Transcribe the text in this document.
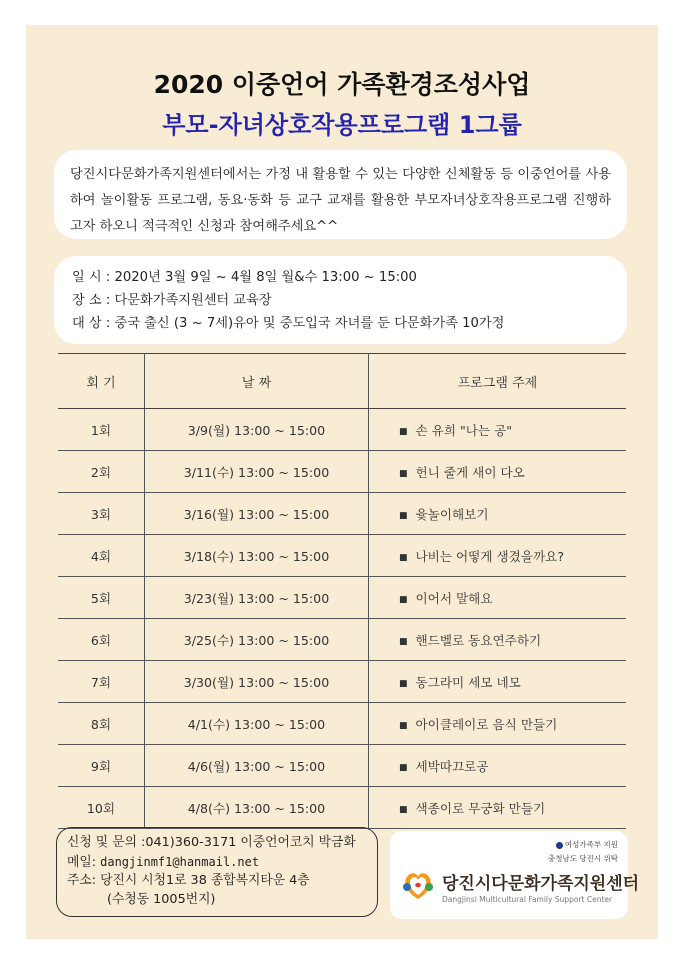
2020 이중언어 가족환경조성사업
부모-자녀상호작용프로그램 1그룹
당진시다문화가족지원센터에서는 가정 내 활용할 수 있는 다양한 신체활동 등 이중언어를 사용하여 놀이활동 프로그램, 동요·동화 등 교구 교재를 활용한 부모자녀상호작용프로그램 진행하고자 하오니 적극적인 신청과 참여해주세요^^
일 시 : 2020년 3월 9일 ~ 4월 8일 월&수 13:00 ~ 15:00
장 소 : 다문화가족지원센터 교육장
대 상 : 중국 출신 (3 ~ 7세)유아 및 중도입국 자녀를 둔 다문화가족 10가정
회 기	날 짜	프로그램 주제
1회	3/9(월) 13:00 ~ 15:00	■ 손 유희 "나는 공"
2회	3/11(수) 13:00 ~ 15:00	■ 헌니 줄게 새이 다오
3회	3/16(월) 13:00 ~ 15:00	■ 윷놀이해보기
4회	3/18(수) 13:00 ~ 15:00	■ 나비는 어떻게 생겼을까요?
5회	3/23(월) 13:00 ~ 15:00	■ 이어서 말해요
6회	3/25(수) 13:00 ~ 15:00	■ 핸드벨로 동요연주하기
7회	3/30(월) 13:00 ~ 15:00	■ 동그라미 세모 네모
8회	4/1(수) 13:00 ~ 15:00	■ 아이클레이로 음식 만들기
9회	4/6(월) 13:00 ~ 15:00	■ 세박따끄로공
10회	4/8(수) 13:00 ~ 15:00	■ 색종이로 무궁화 만들기
신청 및 문의 :041)360-3171 이중언어코치 박금화
메일: dangjinmf1@hanmail.net
주소: 당진시 시청1로 38 종합복지타운 4층
(수청동 1005번지)
여성가족부 지원
충청남도 당진시 위탁
당진시다문화가족지원센터
Dangjinsi Multicultural Family Support Center
